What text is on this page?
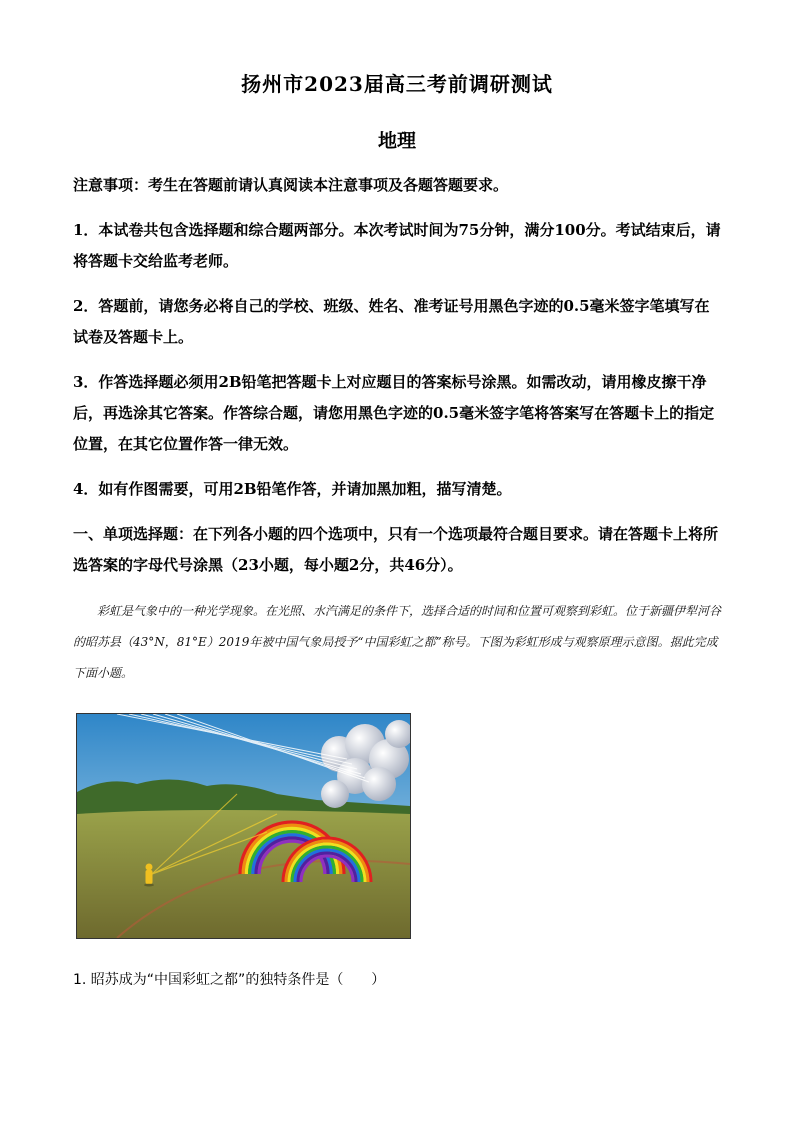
扬州市2023届高三考前调研测试
地理
注意事项：考生在答题前请认真阅读本注意事项及各题答题要求。
1．本试卷共包含选择题和综合题两部分。本次考试时间为75分钟，满分100分。考试结束后，请将答题卡交给监考老师。
2．答题前，请您务必将自己的学校、班级、姓名、准考证号用黑色字迹的0.5毫米签字笔填写在试卷及答题卡上。
3．作答选择题必须用2B铅笔把答题卡上对应题目的答案标号涂黑。如需改动，请用橡皮擦干净后，再选涂其它答案。作答综合题，请您用黑色字迹的0.5毫米签字笔将答案写在答题卡上的指定位置，在其它位置作答一律无效。
4．如有作图需要，可用2B铅笔作答，并请加黑加粗，描写清楚。
一、单项选择题：在下列各小题的四个选项中，只有一个选项最符合题目要求。请在答题卡上将所选答案的字母代号涂黑（23小题，每小题2分，共46分）。
彩虹是气象中的一种光学现象。在光照、水汽满足的条件下，选择合适的时间和位置可观察到彩虹。位于新疆伊犁河谷的昭苏县（43°N，81°E）2019年被中国气象局授予“中国彩虹之都”称号。下图为彩虹形成与观察原理示意图。据此完成下面小题。
1. 昭苏成为“中国彩虹之都”的独特条件是（　　）
